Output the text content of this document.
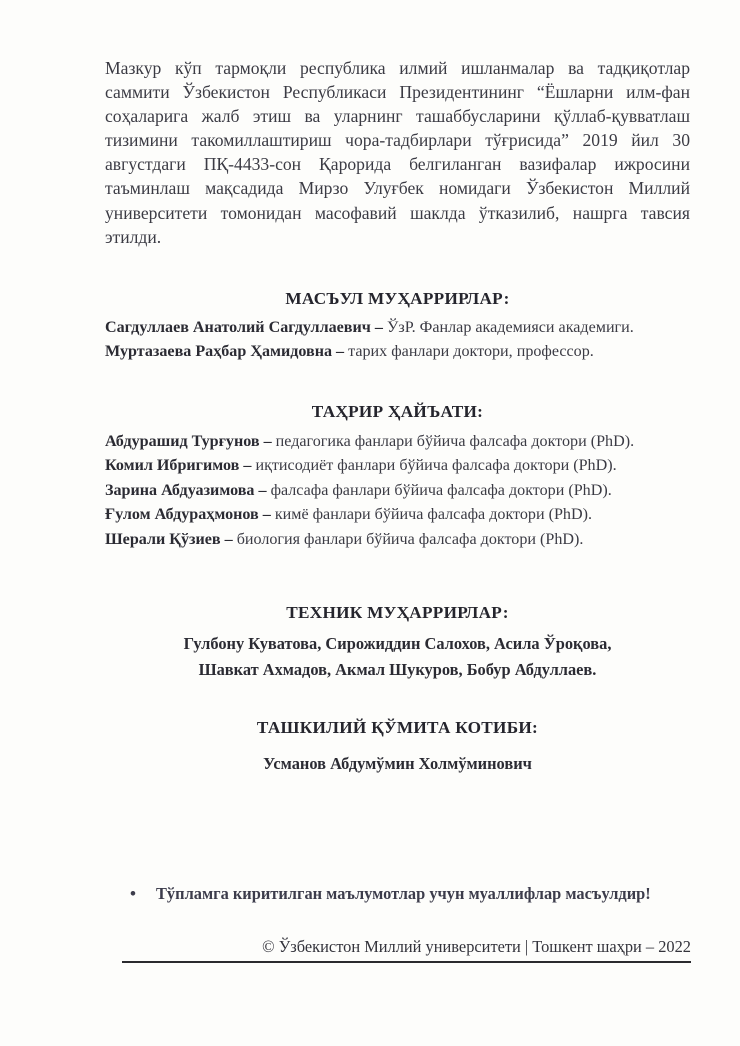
Мазкур кўп тармоқли республика илмий ишланмалар ва тадқиқотлар саммити Ўзбекистон Республикаси Президентининг “Ёшларни илм-фан соҳаларига жалб этиш ва уларнинг ташаббусларини қўллаб-қувватлаш тизимини такомиллаштириш чора-тадбирлари тўғрисида” 2019 йил 30 августдаги ПҚ-4433-сон Қарорида белгиланган вазифалар ижросини таъминлаш мақсадида Мирзо Улуғбек номидаги Ўзбекистон Миллий университети томонидан масофавий шаклда ўтказилиб, нашрга тавсия этилди.
МАСЪУЛ МУҲАРРИРЛАР:
Сагдуллаев Анатолий Сагдуллаевич – ЎзР. Фанлар академияси академиги.
Муртазаева Раҳбар Ҳамидовна – тарих фанлари доктори, профессор.
ТАҲРИР ҲАЙЪАТИ:
Абдурашид Турғунов – педагогика фанлари бўйича фалсафа доктори (PhD).
Комил Ибригимов – иқтисодиёт фанлари бўйича фалсафа доктори (PhD).
Зарина Абдуазимова – фалсафа фанлари бўйича фалсафа доктори (PhD).
Ғулом Абдураҳмонов – кимё фанлари бўйича фалсафа доктори (PhD).
Шерали Қўзиев – биология фанлари бўйича фалсафа доктори (PhD).
ТЕХНИК МУҲАРРИРЛАР:
Гулбону Куватова, Сирожиддин Салохов, Асила Ўроқова,
Шавкат Ахмадов, Акмал Шукуров, Бобур Абдуллаев.
ТАШКИЛИЙ ҚЎМИТА КОТИБИ:
Усманов Абдумўмин Холмўминович
•	Тўпламга киритилган маълумотлар учун муаллифлар масъулдир!
© Ўзбекистон Миллий университети | Тошкент шаҳри – 2022
